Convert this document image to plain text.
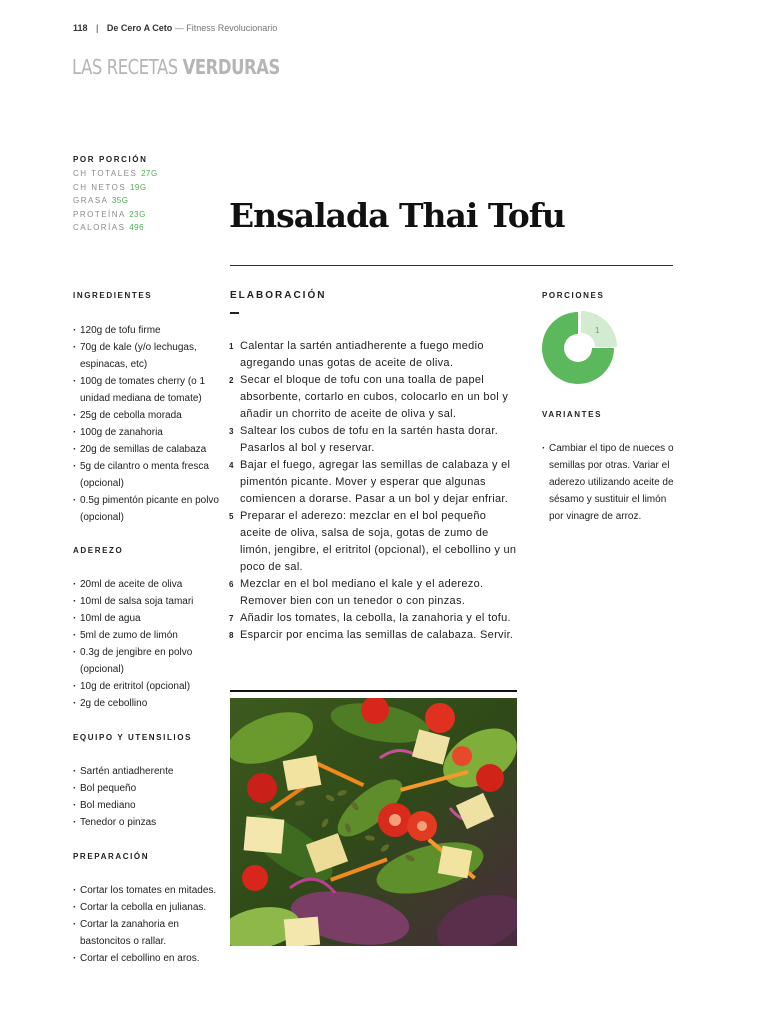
118 | De Cero A Ceto — Fitness Revolucionario
LAS RECETAS VERDURAS
POR PORCIÓN
CH TOTALES 27G
CH NETOS 19G
GRASA 35G
PROTEÍNA 23G
CALORÍAS 496	Ensalada Thai Tofu
INGREDIENTES
· 120g de tofu firme
· 70g de kale (y/o lechugas, espinacas, etc)
· 100g de tomates cherry (o 1 unidad mediana de tomate)
· 25g de cebolla morada
· 100g de zanahoria
· 20g de semillas de calabaza
· 5g de cilantro o menta fresca (opcional)
· 0.5g pimentón picante en polvo (opcional)
ADEREZO
· 20ml de aceite de oliva
· 10ml de salsa soja tamari
· 10ml de agua
· 5ml de zumo de limón
· 0.3g de jengibre en polvo (opcional)
· 10g de eritritol (opcional)
· 2g de cebollino
EQUIPO Y UTENSILIOS
· Sartén antiadherente
· Bol pequeño
· Bol mediano
· Tenedor o pinzas
PREPARACIÓN
· Cortar los tomates en mitades.
· Cortar la cebolla en julianas.
· Cortar la zanahoria en bastoncitos o rallar.
· Cortar el cebollino en aros.
ELABORACIÓN
1 Calentar la sartén antiadherente a fuego medio agregando unas gotas de aceite de oliva.
2 Secar el bloque de tofu con una toalla de papel absorbente, cortarlo en cubos, colocarlo en un bol y añadir un chorrito de aceite de oliva y sal.
3 Saltear los cubos de tofu en la sartén hasta dorar. Pasarlos al bol y reservar.
4 Bajar el fuego, agregar las semillas de calabaza y el pimentón picante. Mover y esperar que algunas comiencen a dorarse. Pasar a un bol y dejar enfriar.
5 Preparar el aderezo: mezclar en el bol pequeño aceite de oliva, salsa de soja, gotas de zumo de limón, jengibre, el eritritol (opcional), el cebollino y un poco de sal.
6 Mezclar en el bol mediano el kale y el aderezo. Remover bien con un tenedor o con pinzas.
7 Añadir los tomates, la cebolla, la zanahoria y el tofu.
8 Esparcir por encima las semillas de calabaza. Servir.
PORCIONES
1
VARIANTES
· Cambiar el tipo de nueces o semillas por otras. Variar el aderezo utilizando aceite de sésamo y sustituir el limón por vinagre de arroz.
